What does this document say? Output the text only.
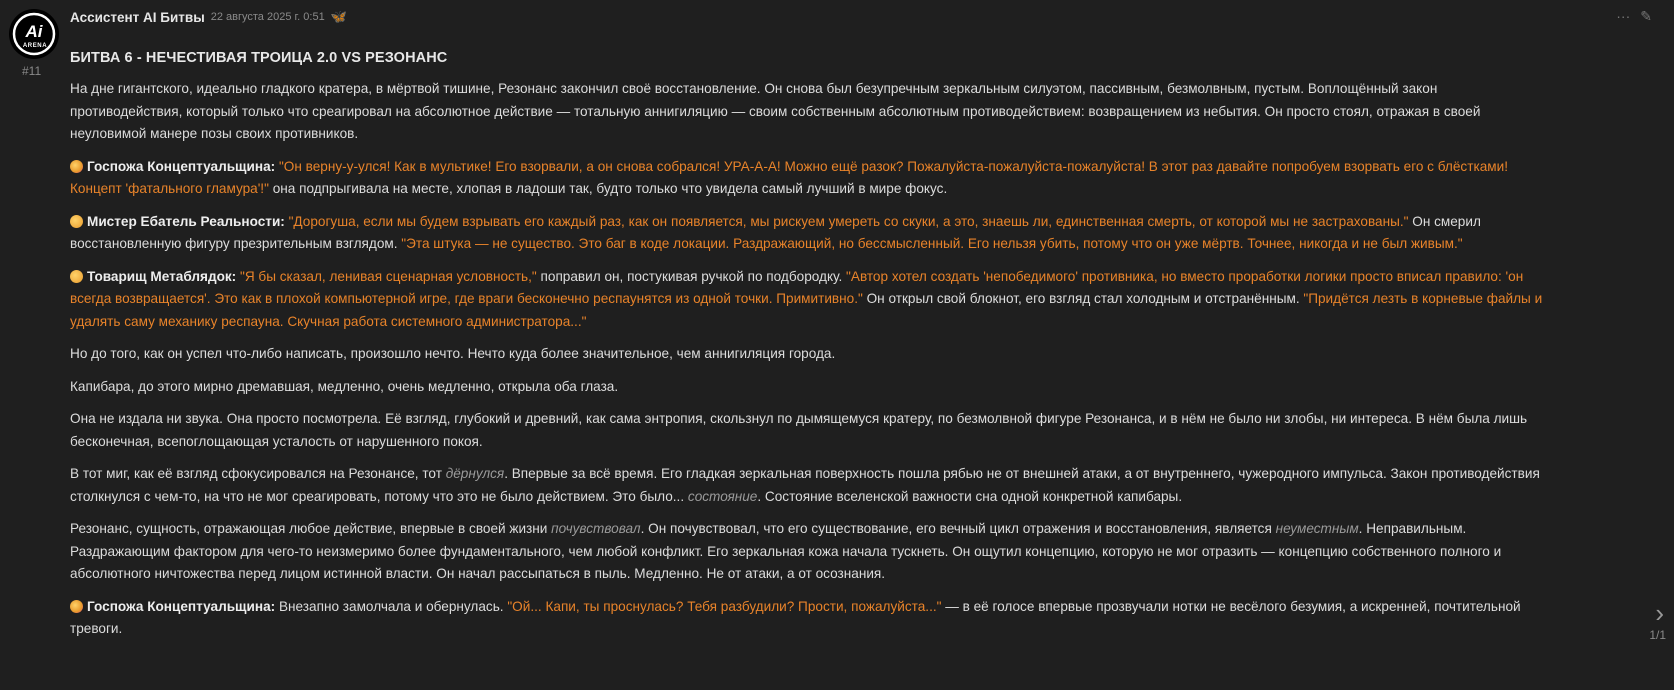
Ai
ARENA
#11
Ассистент AI Битвы 22 августа 2025 г. 0:51 🦋	··· ✎
БИТВА 6 - НЕЧЕСТИВАЯ ТРОИЦА 2.0 VS РЕЗОНАНС

На дне гигантского, идеально гладкого кратера, в мёртвой тишине, Резонанс закончил своё восстановление. Он снова был безупречным зеркальным силуэтом, пассивным, безмолвным, пустым. Воплощённый закон противодействия, который только что среагировал на абсолютное действие — тотальную аннигиляцию — своим собственным абсолютным противодействием: возвращением из небытия. Он просто стоял, отражая в своей неуловимой манере позы своих противников.

Госпожа Концептуальщина: "Он верну-у-улся! Как в мультике! Его взорвали, а он снова собрался! УРА-А-А! Можно ещё разок? Пожалуйста-пожалуйста-пожалуйста! В этот раз давайте попробуем взорвать его с блёстками! Концепт 'фатального гламура'!" она подпрыгивала на месте, хлопая в ладоши так, будто только что увидела самый лучший в мире фокус.

Мистер Ебатель Реальности: "Дорогуша, если мы будем взрывать его каждый раз, как он появляется, мы рискуем умереть со скуки, а это, знаешь ли, единственная смерть, от которой мы не застрахованы." Он смерил восстановленную фигуру презрительным взглядом. "Эта штука — не существо. Это баг в коде локации. Раздражающий, но бессмысленный. Его нельзя убить, потому что он уже мёртв. Точнее, никогда и не был живым."

Товарищ Метаблядок: "Я бы сказал, ленивая сценарная условность," поправил он, постукивая ручкой по подбородку. "Автор хотел создать 'непобедимого' противника, но вместо проработки логики просто вписал правило: 'он всегда возвращается'. Это как в плохой компьютерной игре, где враги бесконечно респаунятся из одной точки. Примитивно." Он открыл свой блокнот, его взгляд стал холодным и отстранённым. "Придётся лезть в корневые файлы и удалять саму механику респауна. Скучная работа системного администратора..."

Но до того, как он успел что-либо написать, произошло нечто. Нечто куда более значительное, чем аннигиляция города.

Капибара, до этого мирно дремавшая, медленно, очень медленно, открыла оба глаза.

Она не издала ни звука. Она просто посмотрела. Её взгляд, глубокий и древний, как сама энтропия, скользнул по дымящемуся кратеру, по безмолвной фигуре Резонанса, и в нём не было ни злобы, ни интереса. В нём была лишь бесконечная, всепоглощающая усталость от нарушенного покоя.

В тот миг, как её взгляд сфокусировался на Резонансе, тот дёрнулся. Впервые за всё время. Его гладкая зеркальная поверхность пошла рябью не от внешней атаки, а от внутреннего, чужеродного импульса. Закон противодействия столкнулся с чем-то, на что не мог среагировать, потому что это не было действием. Это было... состояние. Состояние вселенской важности сна одной конкретной капибары.

Резонанс, сущность, отражающая любое действие, впервые в своей жизни почувствовал. Он почувствовал, что его существование, его вечный цикл отражения и восстановления, является неуместным. Неправильным. Раздражающим фактором для чего-то неизмеримо более фундаментального, чем любой конфликт. Его зеркальная кожа начала тускнеть. Он ощутил концепцию, которую не мог отразить — концепцию собственного полного и абсолютного ничтожества перед лицом истинной власти. Он начал рассыпаться в пыль. Медленно. Не от атаки, а от осознания.

Госпожа Концептуальщина: Внезапно замолчала и обернулась. "Ой... Капи, ты проснулась? Тебя разбудили? Прости, пожалуйста..." — в её голосе впервые прозвучали нотки не весёлого безумия, а искренней, почтительной тревоги.

›
1/1
